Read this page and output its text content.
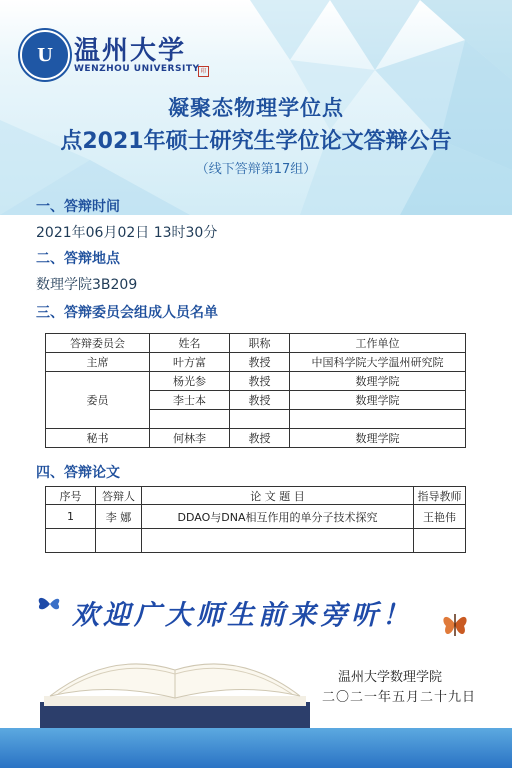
U 温州大学
WENZHOU UNIVERSITY 印
凝聚态物理学位点
点2021年硕士研究生学位论文答辩公告
（线下答辩第17组）
一、答辩时间
2021年06月02日 13时30分
二、答辩地点
数理学院3B209
三、答辩委员会组成人员名单
答辩委员会	姓名	职称	工作单位
主席	叶方富	教授	中国科学院大学温州研究院
委员	杨光参	教授	数理学院
	李士本	教授	数理学院

秘书	何林李	教授	数理学院
四、答辩论文
序号	答辩人	论 文 题 目	指导教师
1	李 娜	DDAO与DNA相互作用的单分子技术探究	王艳伟

欢迎广大师生前来旁听！
温州大学数理学院
二〇二一年五月二十九日
